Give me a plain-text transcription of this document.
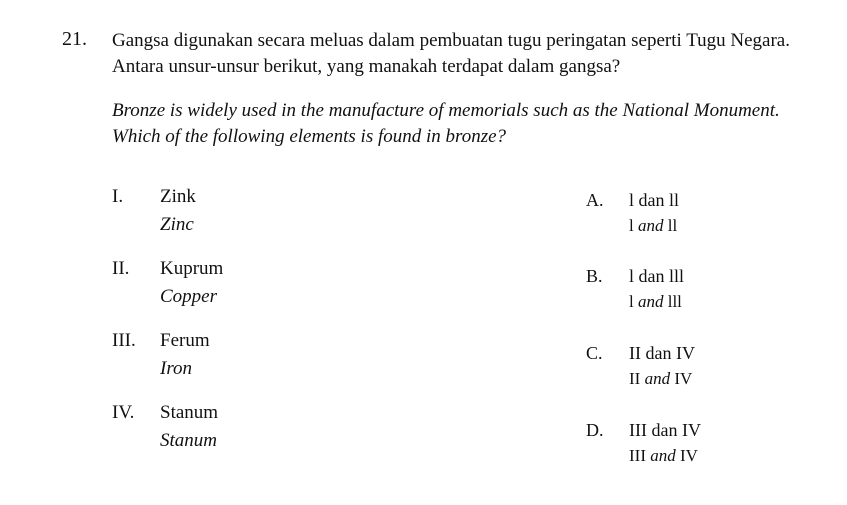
21. Gangsa digunakan secara meluas dalam pembuatan tugu peringatan seperti Tugu Negara.
Antara unsur-unsur berikut, yang manakah terdapat dalam gangsa?
Bronze is widely used in the manufacture of memorials such as the National Monument.
Which of the following elements is found in bronze?
I. Zink
Zinc
II. Kuprum
Copper
III. Ferum
Iron
IV. Stanum
Stanum
A. l dan ll
l and ll
B. l dan lll
l and lll
C. II dan IV
II and IV
D. III dan IV
III and IV
